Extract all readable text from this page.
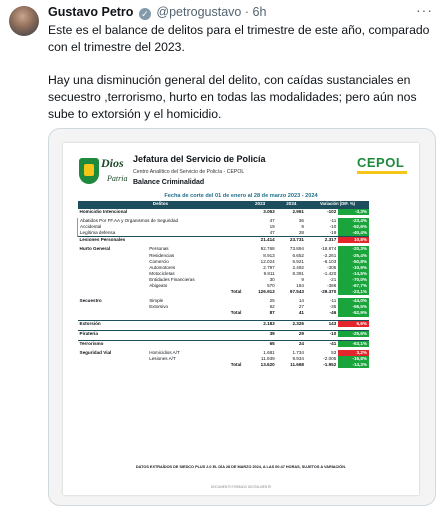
Gustavo Petro ✓ @petrogustavo · 6h	···

Este es el balance de delitos para el trimestre de este año, comparado con el trimestre del 2023.

Hay una disminución general del delito, con caídas sustanciales en secuestro ,terrorismo, hurto en todas las modalidades; pero aún nos sube to extorsión y el homicidio.

Dios
Patria
Jefatura del Servicio de Policía
Centro Analítico del Servicio de Policía - CEPOL
Balance Criminalidad
CEPOL
Fecha de corte del 01 de enero al 28 de marzo 2023 - 2024
Delitos		2023	2024	Variación (DIF. %)	
Homicidio Intencional		3.063	2.961	-102	-3,3%

Abatidos Por FF.AA y Organismos de Seguridad		47	36	-11	-23,4%
Accidental		19	9	-10	-52,6%
Legítima defensa		47	28	-19	-40,4%
Lesiones Personales		21.414	23.731	2.317	10,8%

Hurto General	Personas	92.768	73.894	-18.874	-20,3%
	Residencias	8.913	6.652	-2.261	-25,4%
	Comercio	12.024	5.921	-6.103	-50,8%
	Automotores	2.797	2.492	-305	-10,9%
	Motocicletas	9.811	8.391	-1.420	-14,5%
	Entidades Financieras	30	9	-21	-70,0%
	Abigeato	570	184	-386	-67,7%
	Total	126.913	97.543	-29.370	-23,1%

Secuestro	Simple	25	14	-11	-44,0%
	Extorsivo	62	27	-35	-56,5%
	Total	87	41	-46	-52,9%

Extorsión		2.183	2.326	143	6,6%

Piratería		39	29	-10	-25,6%

Terrorismo		65	24	-41	-63,1%

Seguridad Vial	Homicidios A/T	1.681	1.734	53	3,2%
	Lesiones A/T	11.939	9.934	-2.005	-16,8%
	Total	13.620	11.668	-1.952	-14,3%
DATOS EXTRAÍDOS DE SIEDCO PLUS 2.0 EL DÍA 28 DE MARZO 2024, A LAS 00:47 HORAS, SUJETOS A VARIACIÓN.
DOCUMENTO FIRMADO DIGITALMENTE
